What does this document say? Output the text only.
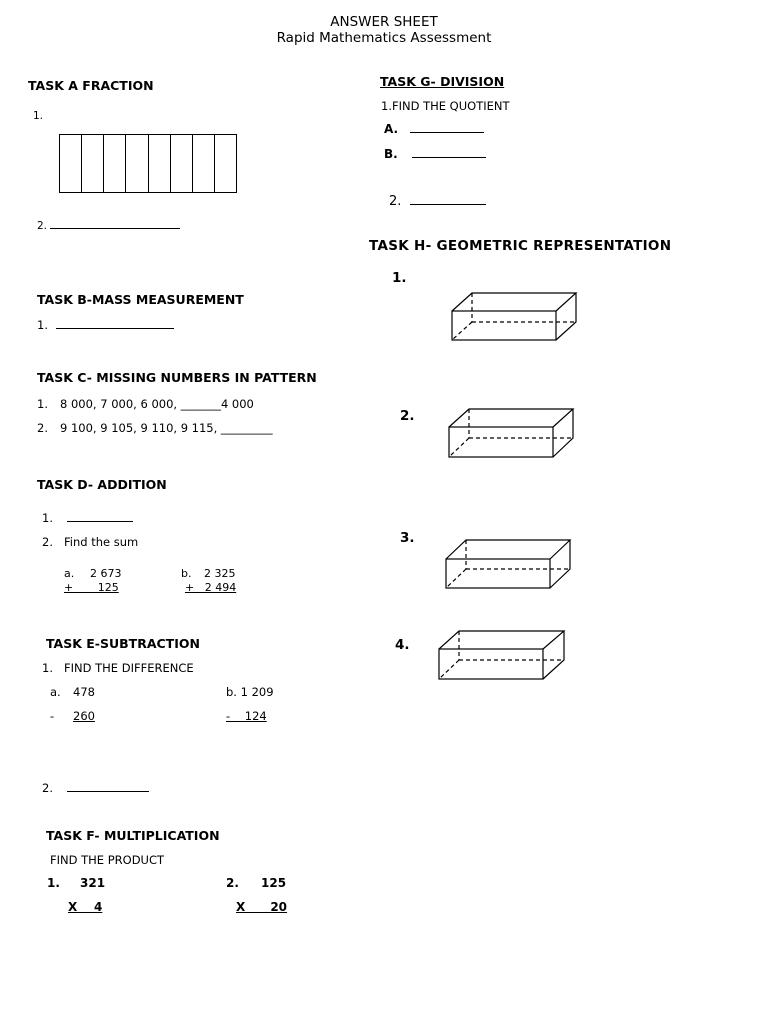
ANSWER SHEET
Rapid Mathematics Assessment
TASK A FRACTION
1.
2.
TASK B-MASS MEASUREMENT
1.
TASK C- MISSING NUMBERS IN PATTERN
1. 8 000, 7 000, 6 000, _______4 000
2. 9 100, 9 105, 9 110, 9 115, _________
TASK D- ADDITION
1.
2. Find the sum
a. 2 673
+       125
b. 2 325
+   2 494
TASK E-SUBTRACTION
1. FIND THE DIFFERENCE
a. 478
- 260
b. 1 209
-    124
2.
TASK F- MULTIPLICATION
FIND THE PRODUCT
1. 321
X    4
2. 125
X      20
TASK G- DIVISION
1.FIND THE QUOTIENT
A.
B.
2.
TASK H- GEOMETRIC REPRESENTATION
1.
2.
3.
4.
